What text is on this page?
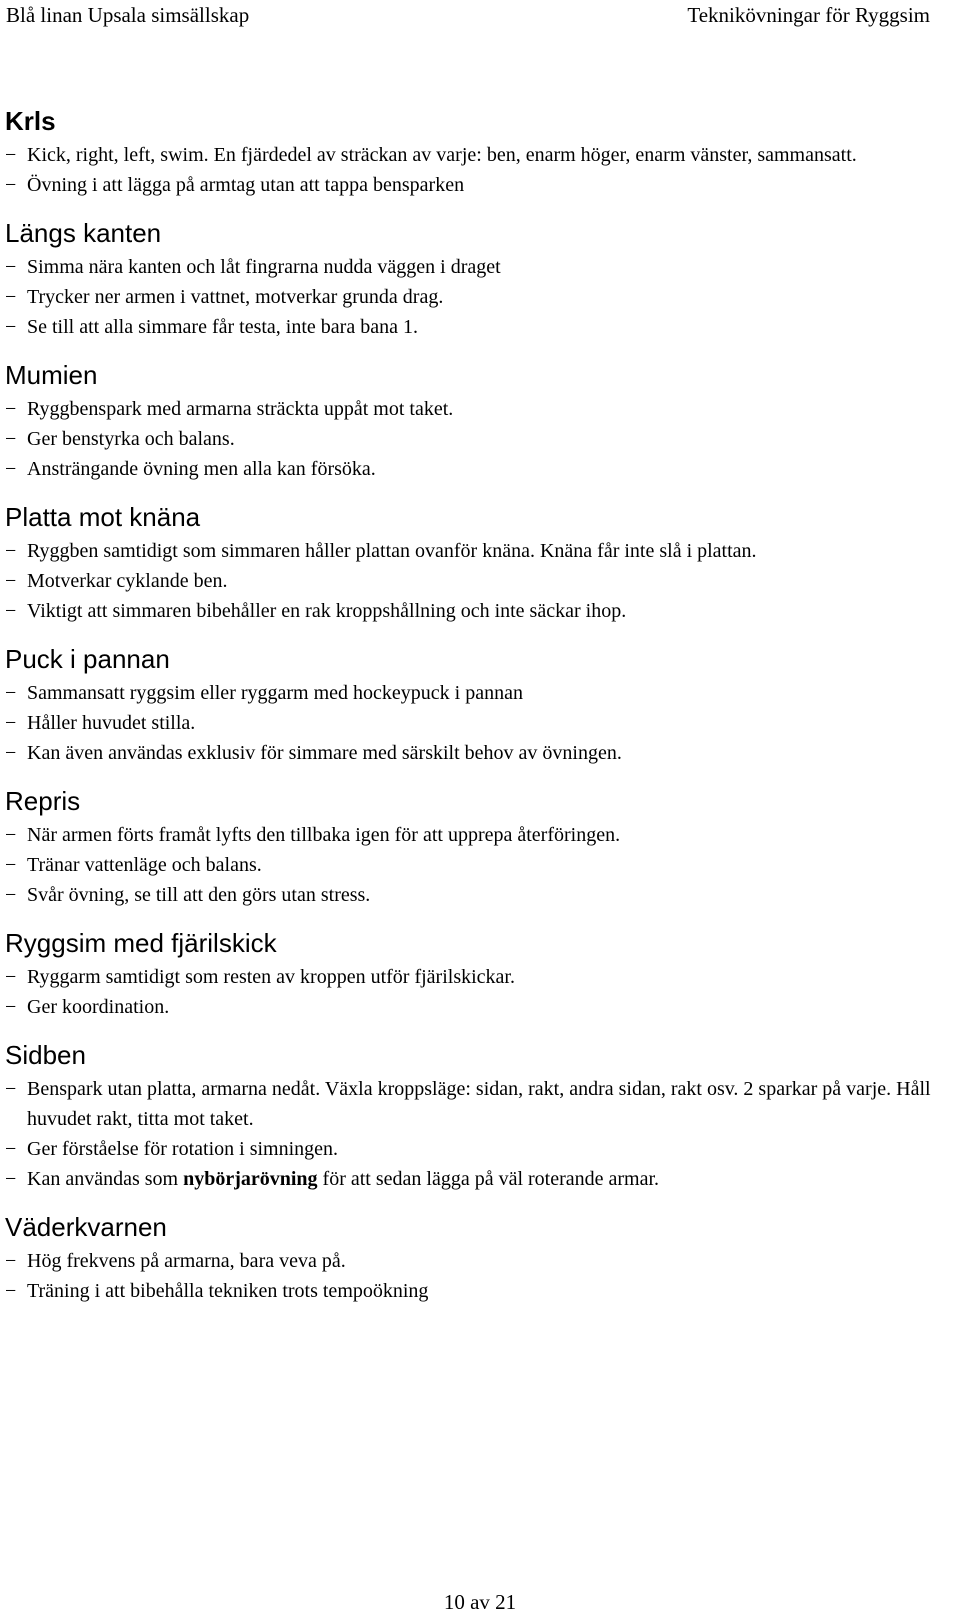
Blå linan Upsala simsällskap	Teknikövningar för Ryggsim
Krls
− Kick, right, left, swim. En fjärdedel av sträckan av varje: ben, enarm höger, enarm vänster, sammansatt.
− Övning i att lägga på armtag utan att tappa bensparken
Längs kanten
− Simma nära kanten och låt fingrarna nudda väggen i draget
− Trycker ner armen i vattnet, motverkar grunda drag.
− Se till att alla simmare får testa, inte bara bana 1.
Mumien
− Ryggbenspark med armarna sträckta uppåt mot taket.
− Ger benstyrka och balans.
− Ansträngande övning men alla kan försöka.
Platta mot knäna
− Ryggben samtidigt som simmaren håller plattan ovanför knäna. Knäna får inte slå i plattan.
− Motverkar cyklande ben.
− Viktigt att simmaren bibehåller en rak kroppshållning och inte säckar ihop.
Puck i pannan
− Sammansatt ryggsim eller ryggarm med hockeypuck i pannan
− Håller huvudet stilla.
− Kan även användas exklusiv för simmare med särskilt behov av övningen.
Repris
− När armen förts framåt lyfts den tillbaka igen för att upprepa återföringen.
− Tränar vattenläge och balans.
− Svår övning, se till att den görs utan stress.
Ryggsim med fjärilskick
− Ryggarm samtidigt som resten av kroppen utför fjärilskickar.
− Ger koordination.
Sidben
− Benspark utan platta, armarna nedåt. Växla kroppsläge: sidan, rakt, andra sidan, rakt osv. 2 sparkar på varje. Håll huvudet rakt, titta mot taket.
− Ger förståelse för rotation i simningen.
− Kan användas som nybörjarövning för att sedan lägga på väl roterande armar.
Väderkvarnen
− Hög frekvens på armarna, bara veva på.
− Träning i att bibehålla tekniken trots tempoökning
10 av 21
